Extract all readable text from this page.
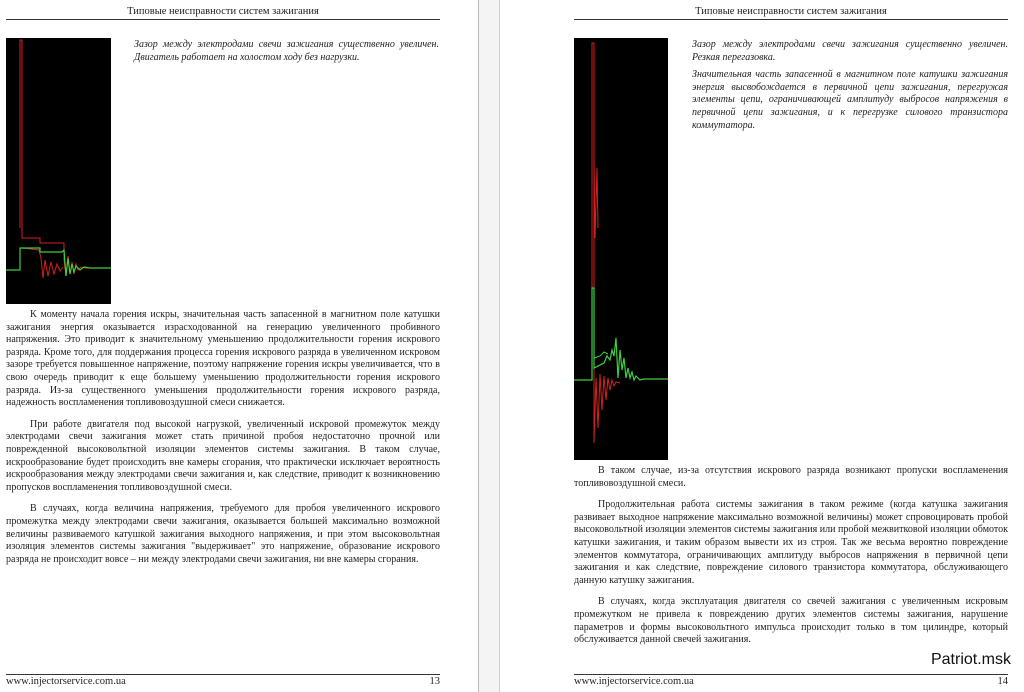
Типовые неисправности систем зажигания

Зазор между электродами свечи зажигания существенно увеличен. Двигатель работает на холостом ходу без нагрузки.

К моменту начала горения искры, значительная часть запасенной в магнитном поле катушки зажигания энергия оказывается израсходованной на генерацию увеличенного пробивного напряжения. Это приводит к значительному уменьшению продолжительности горения искрового разряда. Кроме того, для поддержания процесса горения искрового разряда в увеличенном искровом зазоре требуется повышенное напряжение, поэтому напряжение горения искры увеличивается, что в свою очередь приводит к еще большему уменьшению продолжительности горения искрового разряда. Из-за существенного уменьшения продолжительности горения искрового разряда, надежность воспламенения топливовоздушной смеси снижается.

При работе двигателя под высокой нагрузкой, увеличенный искровой промежуток между электродами свечи зажигания может стать причиной пробоя недостаточно прочной или поврежденной высоковольтной изоляции элементов системы зажигания. В таком случае, искрообразование будет происходить вне камеры сгорания, что практически исключает вероятность искрообразования между электродами свечи зажигания и, как следствие, приводит к возникновению пропусков воспламенения топливовоздушной смеси.

В случаях, когда величина напряжения, требуемого для пробоя увеличенного искрового промежутка между электродами свечи зажигания, оказывается большей максимально возможной величины развиваемого катушкой зажигания выходного напряжения, и при этом высоковольтная изоляция элементов системы зажигания "выдерживает" это напряжение, образование искрового разряда не происходит вовсе – ни между электродами свечи зажигания, ни вне камеры сгорания.

www.injectorservice.com.ua	13
Типовые неисправности систем зажигания

Зазор между электродами свечи зажигания существенно увеличен. Резкая перегазовка.

Значительная часть запасенной в магнитном поле катушки зажигания энергия высвобождается в первичной цепи зажигания, перегружая элементы цепи, ограничивающей амплитуду выбросов напряжения в первичной цепи зажигания, и к перегрузке силового транзистора коммутатора.

В таком случае, из-за отсутствия искрового разряда возникают пропуски воспламенения топливовоздушной смеси.

Продолжительная работа системы зажигания в таком режиме (когда катушка зажигания развивает выходное напряжение максимально возможной величины) может спровоцировать пробой высоковольтной изоляции элементов системы зажигания или пробой межвитковой изоляции обмоток катушки зажигания, и таким образом вывести их из строя. Так же весьма вероятно повреждение элементов коммутатора, ограничивающих амплитуду выбросов напряжения в первичной цепи зажигания и как следствие, повреждение силового транзистора коммутатора, обслуживающего данную катушку зажигания.

В случаях, когда эксплуатация двигателя со свечей зажигания с увеличенным искровым промежутком не привела к повреждению других элементов системы зажигания, нарушение параметров и формы высоковольтного импульса происходит только в том цилиндре, который обслуживается данной свечей зажигания.

www.injectorservice.com.ua	14
Patriot.msk
